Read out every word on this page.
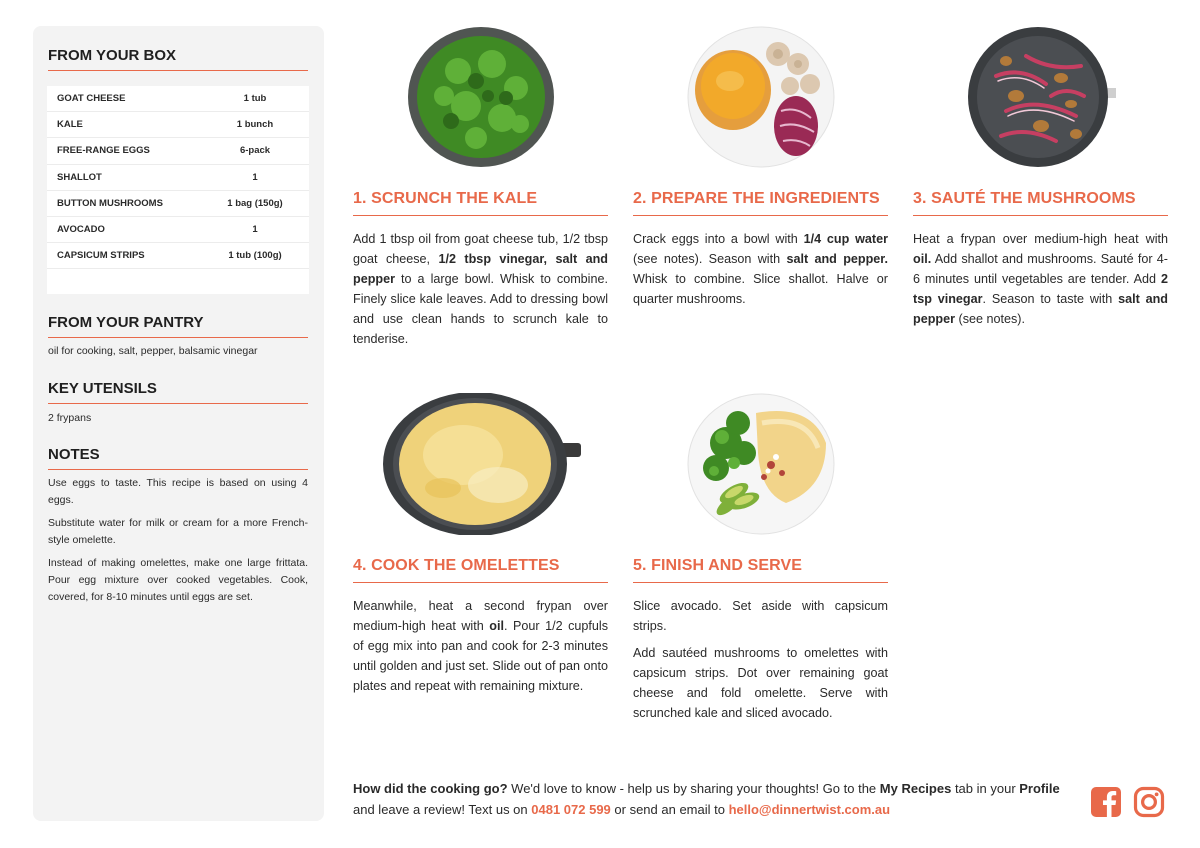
FROM YOUR BOX
GOAT CHEESE	1 tub
KALE	1 bunch
FREE-RANGE EGGS	6-pack
SHALLOT	1
BUTTON MUSHROOMS	1 bag (150g)
AVOCADO	1
CAPSICUM STRIPS	1 tub (100g)
FROM YOUR PANTRY
oil for cooking, salt, pepper, balsamic vinegar
KEY UTENSILS
2 frypans
NOTES

Use eggs to taste. This recipe is based on using 4 eggs.

Substitute water for milk or cream for a more French-style omelette.

Instead of making omelettes, make one large frittata. Pour egg mixture over cooked vegetables. Cook, covered, for 8-10 minutes until eggs are set.

1. SCRUNCH THE KALE

Add 1 tbsp oil from goat cheese tub, 1/2 tbsp goat cheese, 1/2 tbsp vinegar, salt and pepper to a large bowl. Whisk to combine. Finely slice kale leaves. Add to dressing bowl and use clean hands to scrunch kale to tenderise.

2. PREPARE THE INGREDIENTS

Crack eggs into a bowl with 1/4 cup water (see notes). Season with salt and pepper. Whisk to combine. Slice shallot. Halve or quarter mushrooms.

3. SAUTÉ THE MUSHROOMS

Heat a frypan over medium-high heat with oil. Add shallot and mushrooms. Sauté for 4-6 minutes until vegetables are tender. Add 2 tsp vinegar. Season to taste with salt and pepper (see notes).

4. COOK THE OMELETTES

Meanwhile, heat a second frypan over medium-high heat with oil. Pour 1/2 cupfuls of egg mix into pan and cook for 2-3 minutes until golden and just set. Slide out of pan onto plates and repeat with remaining mixture.

5. FINISH AND SERVE

Slice avocado. Set aside with capsicum strips.

Add sautéed mushrooms to omelettes with capsicum strips. Dot over remaining goat cheese and fold omelette. Serve with scrunched kale and sliced avocado.

How did the cooking go? We'd love to know - help us by sharing your thoughts! Go to the My Recipes tab in your Profile and leave a review! Text us on 0481 072 599 or send an email to hello@dinnertwist.com.au
